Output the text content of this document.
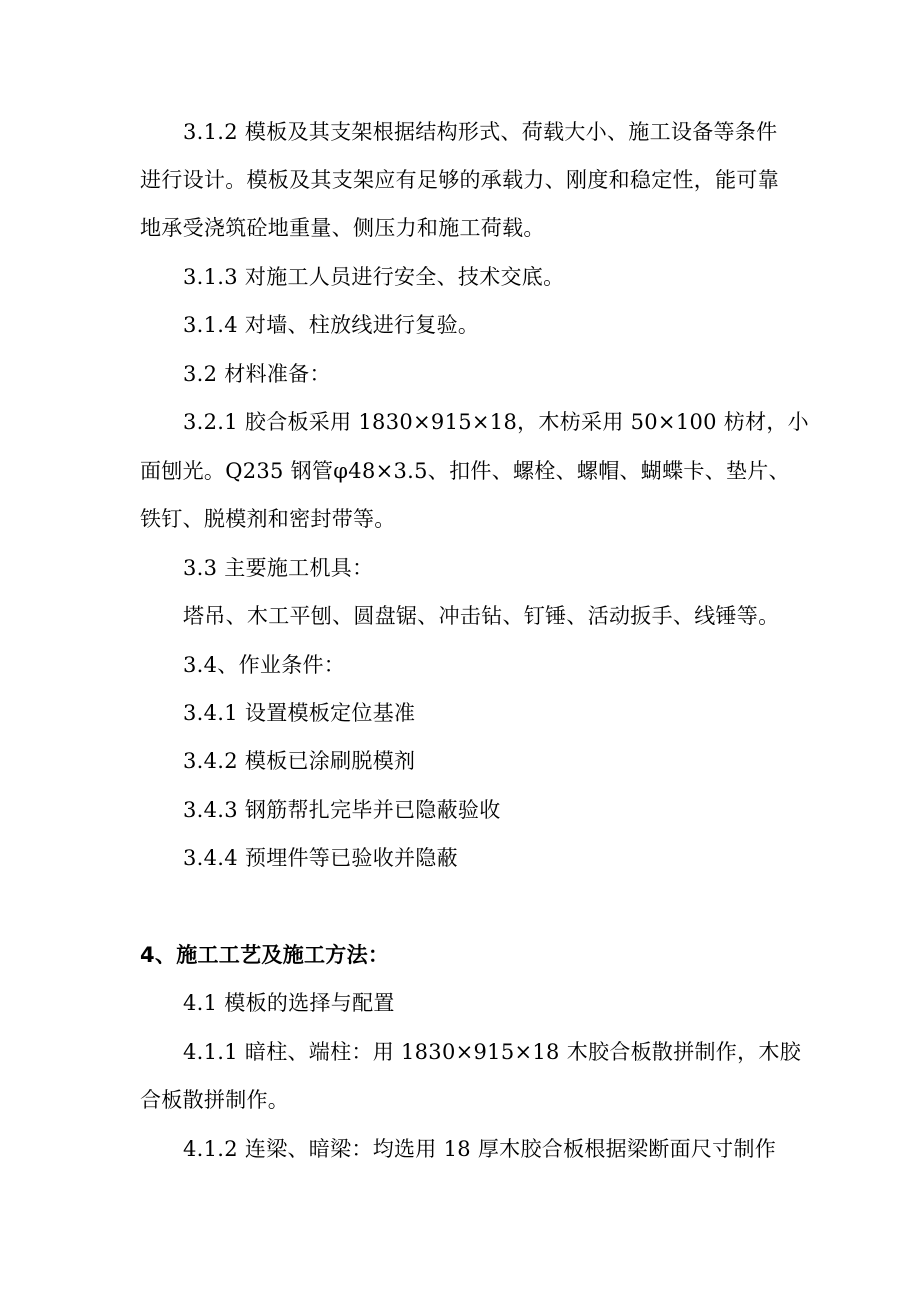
3.1.2 模板及其支架根据结构形式、荷载大小、施工设备等条件
进行设计。模板及其支架应有足够的承载力、刚度和稳定性，能可靠
地承受浇筑砼地重量、侧压力和施工荷载。
3.1.3 对施工人员进行安全、技术交底。
3.1.4 对墙、柱放线进行复验。
3.2 材料准备：
3.2.1 胶合板采用 1830×915×18，木枋采用 50×100 枋材，小
面刨光。Q235 钢管φ48×3.5、扣件、螺栓、螺帽、蝴蝶卡、垫片、
铁钉、脱模剂和密封带等。
3.3 主要施工机具：
塔吊、木工平刨、圆盘锯、冲击钻、钉锤、活动扳手、线锤等。
3.4、作业条件：
3.4.1 设置模板定位基准
3.4.2 模板已涂刷脱模剂
3.4.3 钢筋帮扎完毕并已隐蔽验收
3.4.4 预埋件等已验收并隐蔽
4、施工工艺及施工方法：
4.1 模板的选择与配置
4.1.1 暗柱、端柱：用 1830×915×18 木胶合板散拼制作，木胶
合板散拼制作。
4.1.2 连梁、暗梁：均选用 18 厚木胶合板根据梁断面尺寸制作
